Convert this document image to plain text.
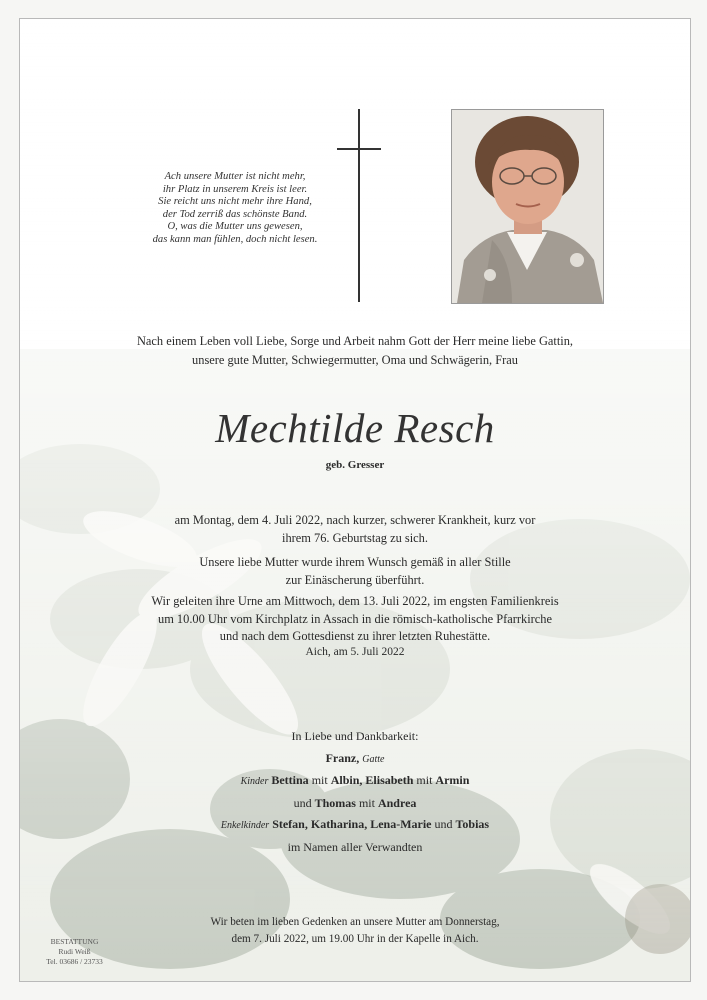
Ach unsere Mutter ist nicht mehr,
ihr Platz in unserem Kreis ist leer.
Sie reicht uns nicht mehr ihre Hand,
der Tod zerriß das schönste Band.
O, was die Mutter uns gewesen,
das kann man fühlen, doch nicht lesen.
Nach einem Leben voll Liebe, Sorge und Arbeit nahm Gott der Herr meine liebe Gattin,
unsere gute Mutter, Schwiegermutter, Oma und Schwägerin, Frau
Mechtilde Resch
geb. Gresser
am Montag, dem 4. Juli 2022, nach kurzer, schwerer Krankheit, kurz vor
ihrem 76. Geburtstag zu sich.
Unsere liebe Mutter wurde ihrem Wunsch gemäß in aller Stille
zur Einäscherung überführt.
Wir geleiten ihre Urne am Mittwoch, dem 13. Juli 2022, im engsten Familienkreis
um 10.00 Uhr vom Kirchplatz in Assach in die römisch-katholische Pfarrkirche
und nach dem Gottesdienst zu ihrer letzten Ruhestätte.
Aich, am 5. Juli 2022
In Liebe und Dankbarkeit:
Franz, Gatte
Kinder Bettina mit Albin, Elisabeth mit Armin
und Thomas mit Andrea
Enkelkinder Stefan, Katharina, Lena-Marie und Tobias
im Namen aller Verwandten
Wir beten im lieben Gedenken an unsere Mutter am Donnerstag,
dem 7. Juli 2022, um 19.00 Uhr in der Kapelle in Aich.
BESTATTUNG
Rudi Weiß
Tel. 03686 / 23733
